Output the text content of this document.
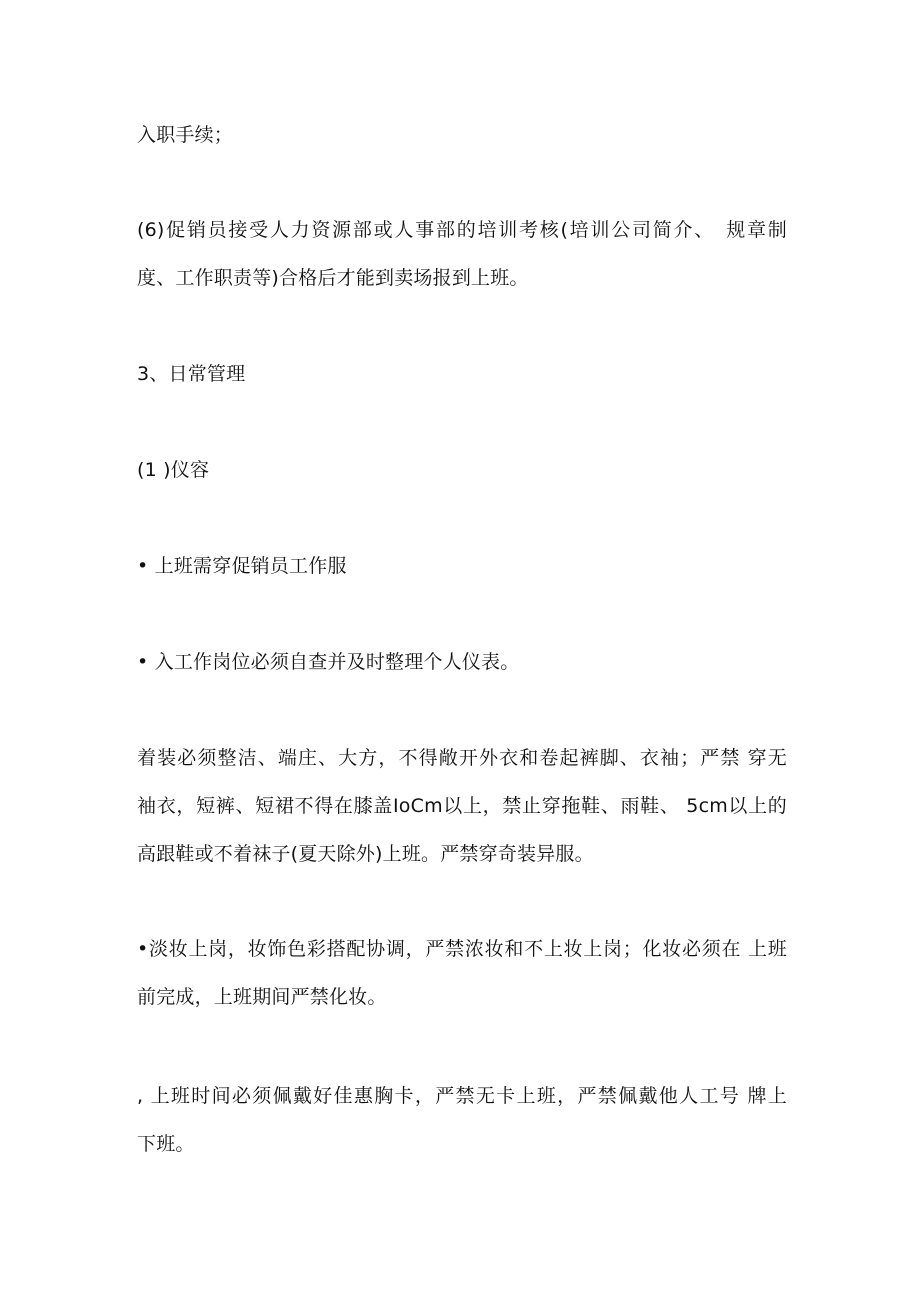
入职手续；
(6)促销员接受人力资源部或人事部的培训考核(培训公司简介、　规章制
度、工作职责等)合格后才能到卖场报到上班。
3、日常管理
(1 )仪容
• 上班需穿促销员工作服
• 入工作岗位必须自查并及时整理个人仪表。
着装必须整洁、端庄、大方，不得敞开外衣和卷起裤脚、衣袖；严禁 穿无
袖衣，短裤、短裙不得在膝盖IoCm以上，禁止穿拖鞋、雨鞋、 5cm以上的
高跟鞋或不着袜子(夏天除外)上班。严禁穿奇装异服。
•淡妆上岗，妆饰色彩搭配协调，严禁浓妆和不上妆上岗；化妆必须在 上班
前完成，上班期间严禁化妆。
, 上班时间必须佩戴好佳惠胸卡，严禁无卡上班，严禁佩戴他人工号 牌上
下班。
